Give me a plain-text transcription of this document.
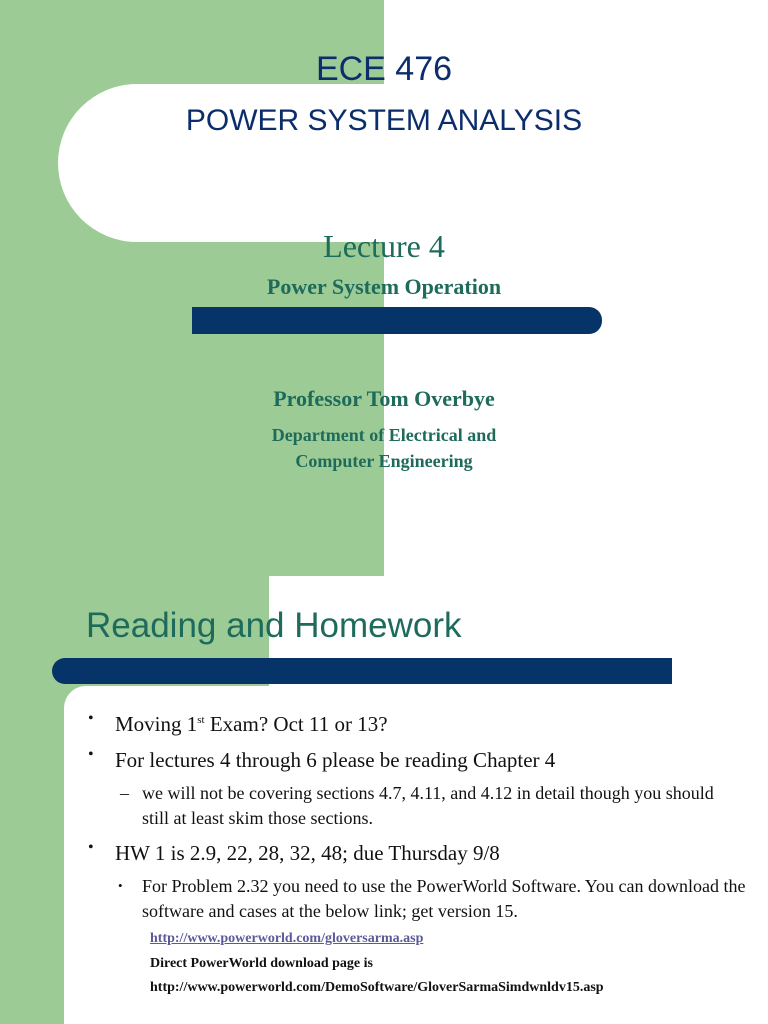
ECE 476
POWER SYSTEM ANALYSIS
Lecture 4
Power System Operation
Professor Tom Overbye
Department of Electrical and
Computer Engineering
Reading and Homework
• Moving 1st Exam? Oct 11 or 13?
• For lectures 4 through 6 please be reading Chapter 4
– we will not be covering sections 4.7, 4.11, and 4.12 in detail though you should still at least skim those sections.
• HW 1 is 2.9, 22, 28, 32, 48; due Thursday 9/8
• For Problem 2.32 you need to use the PowerWorld Software. You can download the software and cases at the below link; get version 15.
http://www.powerworld.com/gloversarma.asp
Direct PowerWorld download page is
http://www.powerworld.com/DemoSoftware/GloverSarmaSimdwnldv15.asp
